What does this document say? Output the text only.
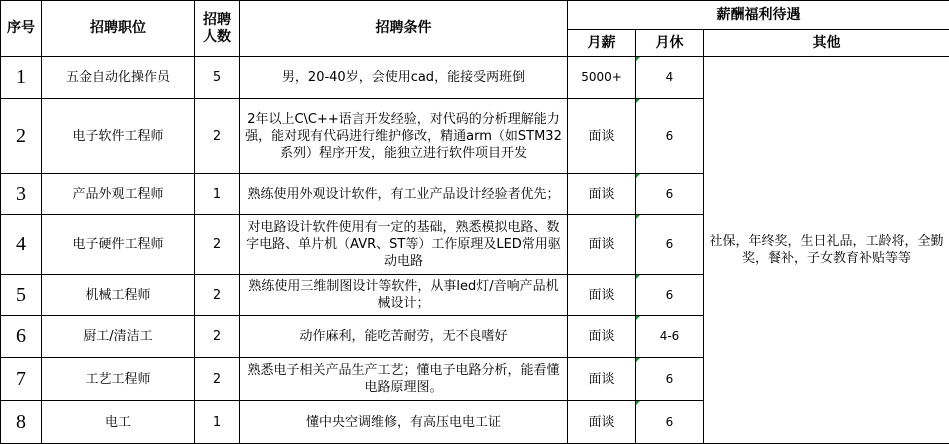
序号	招聘职位	招聘人数	招聘条件	薪酬福利待遇		
				月薪	月休	其他
1	五金自动化操作员	5	男，20-40岁，会使用cad，能接受两班倒	5000+	4	社保，年终奖，生日礼品，工龄将，全勤奖，餐补，子女教育补贴等等
2	电子软件工程师	2	2年以上C\C++语言开发经验，对代码的分析理解能力强，能对现有代码进行维护修改，精通arm（如STM32系列）程序开发，能独立进行软件项目开发	面谈	6	
3	产品外观工程师	1	熟练使用外观设计软件，有工业产品设计经验者优先；	面谈	6	
4	电子硬件工程师	2	对电路设计软件使用有一定的基础，熟悉模拟电路、数字电路、单片机（AVR、ST等）工作原理及LED常用驱动电路	面谈	6	
5	机械工程师	2	熟练使用三维制图设计等软件，从事led灯/音响产品机械设计；	面谈	6	
6	厨工/清洁工	2	动作麻利，能吃苦耐劳，无不良嗜好	面谈	4-6	
7	工艺工程师	2	熟悉电子相关产品生产工艺；懂电子电路分析，能看懂电路原理图。	面谈	6	
8	电工	1	懂中央空调维修，有高压电电工证	面谈	6	
